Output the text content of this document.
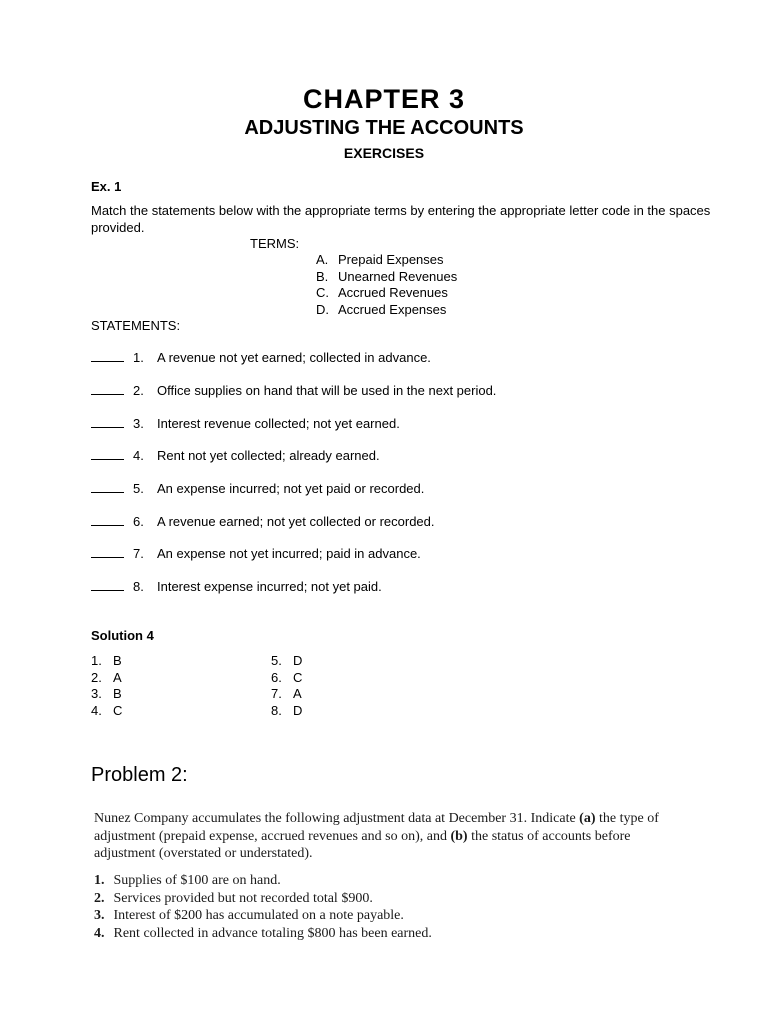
CHAPTER 3
ADJUSTING THE ACCOUNTS
EXERCISES
Ex. 1
Match the statements below with the appropriate terms by entering the appropriate letter code in the spaces provided.
TERMS:
A. Prepaid Expenses
B. Unearned Revenues
C. Accrued Revenues
D. Accrued Expenses
STATEMENTS:
1. A revenue not yet earned; collected in advance.
2. Office supplies on hand that will be used in the next period.
3. Interest revenue collected; not yet earned.
4. Rent not yet collected; already earned.
5. An expense incurred; not yet paid or recorded.
6. A revenue earned; not yet collected or recorded.
7. An expense not yet incurred; paid in advance.
8. Interest expense incurred; not yet paid.
Solution 4
1. B
2. A
3. B
4. C
5. D
6. C
7. A
8. D
Problem 2:
Nunez Company accumulates the following adjustment data at December 31. Indicate (a) the type of adjustment (prepaid expense, accrued revenues and so on), and (b) the status of accounts before adjustment (overstated or understated).
1. Supplies of $100 are on hand.
2. Services provided but not recorded total $900.
3. Interest of $200 has accumulated on a note payable.
4. Rent collected in advance totaling $800 has been earned.
